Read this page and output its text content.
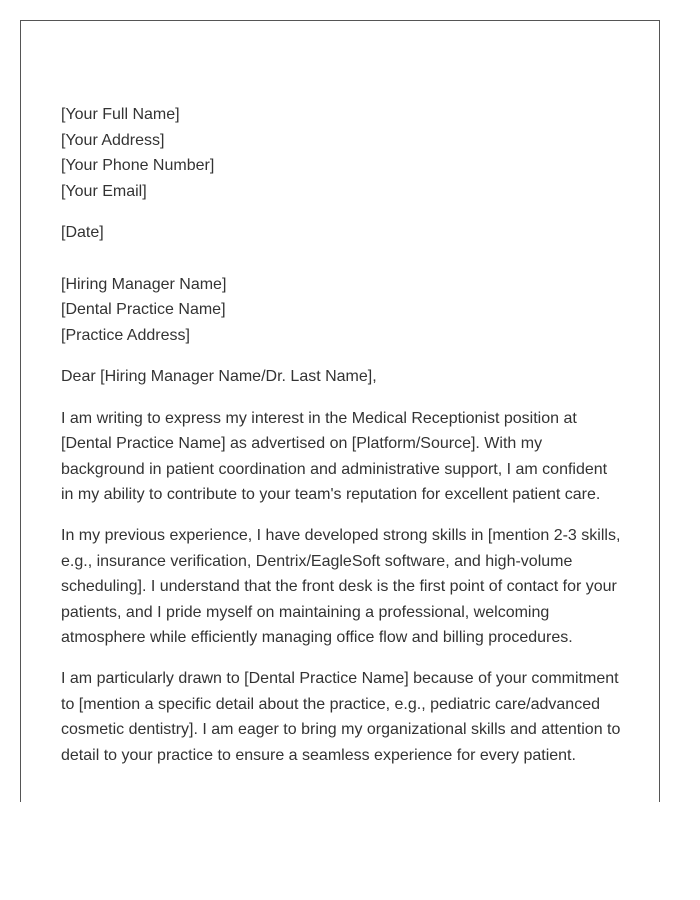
[Your Full Name]
[Your Address]
[Your Phone Number]
[Your Email]
[Date]
[Hiring Manager Name]
[Dental Practice Name]
[Practice Address]
Dear [Hiring Manager Name/Dr. Last Name],
I am writing to express my interest in the Medical Receptionist position at
[Dental Practice Name] as advertised on [Platform/Source]. With my
background in patient coordination and administrative support, I am confident
in my ability to contribute to your team's reputation for excellent patient care.
In my previous experience, I have developed strong skills in [mention 2-3 skills,
e.g., insurance verification, Dentrix/EagleSoft software, and high-volume
scheduling]. I understand that the front desk is the first point of contact for your
patients, and I pride myself on maintaining a professional, welcoming
atmosphere while efficiently managing office flow and billing procedures.
I am particularly drawn to [Dental Practice Name] because of your commitment
to [mention a specific detail about the practice, e.g., pediatric care/advanced
cosmetic dentistry]. I am eager to bring my organizational skills and attention to
detail to your practice to ensure a seamless experience for every patient.
